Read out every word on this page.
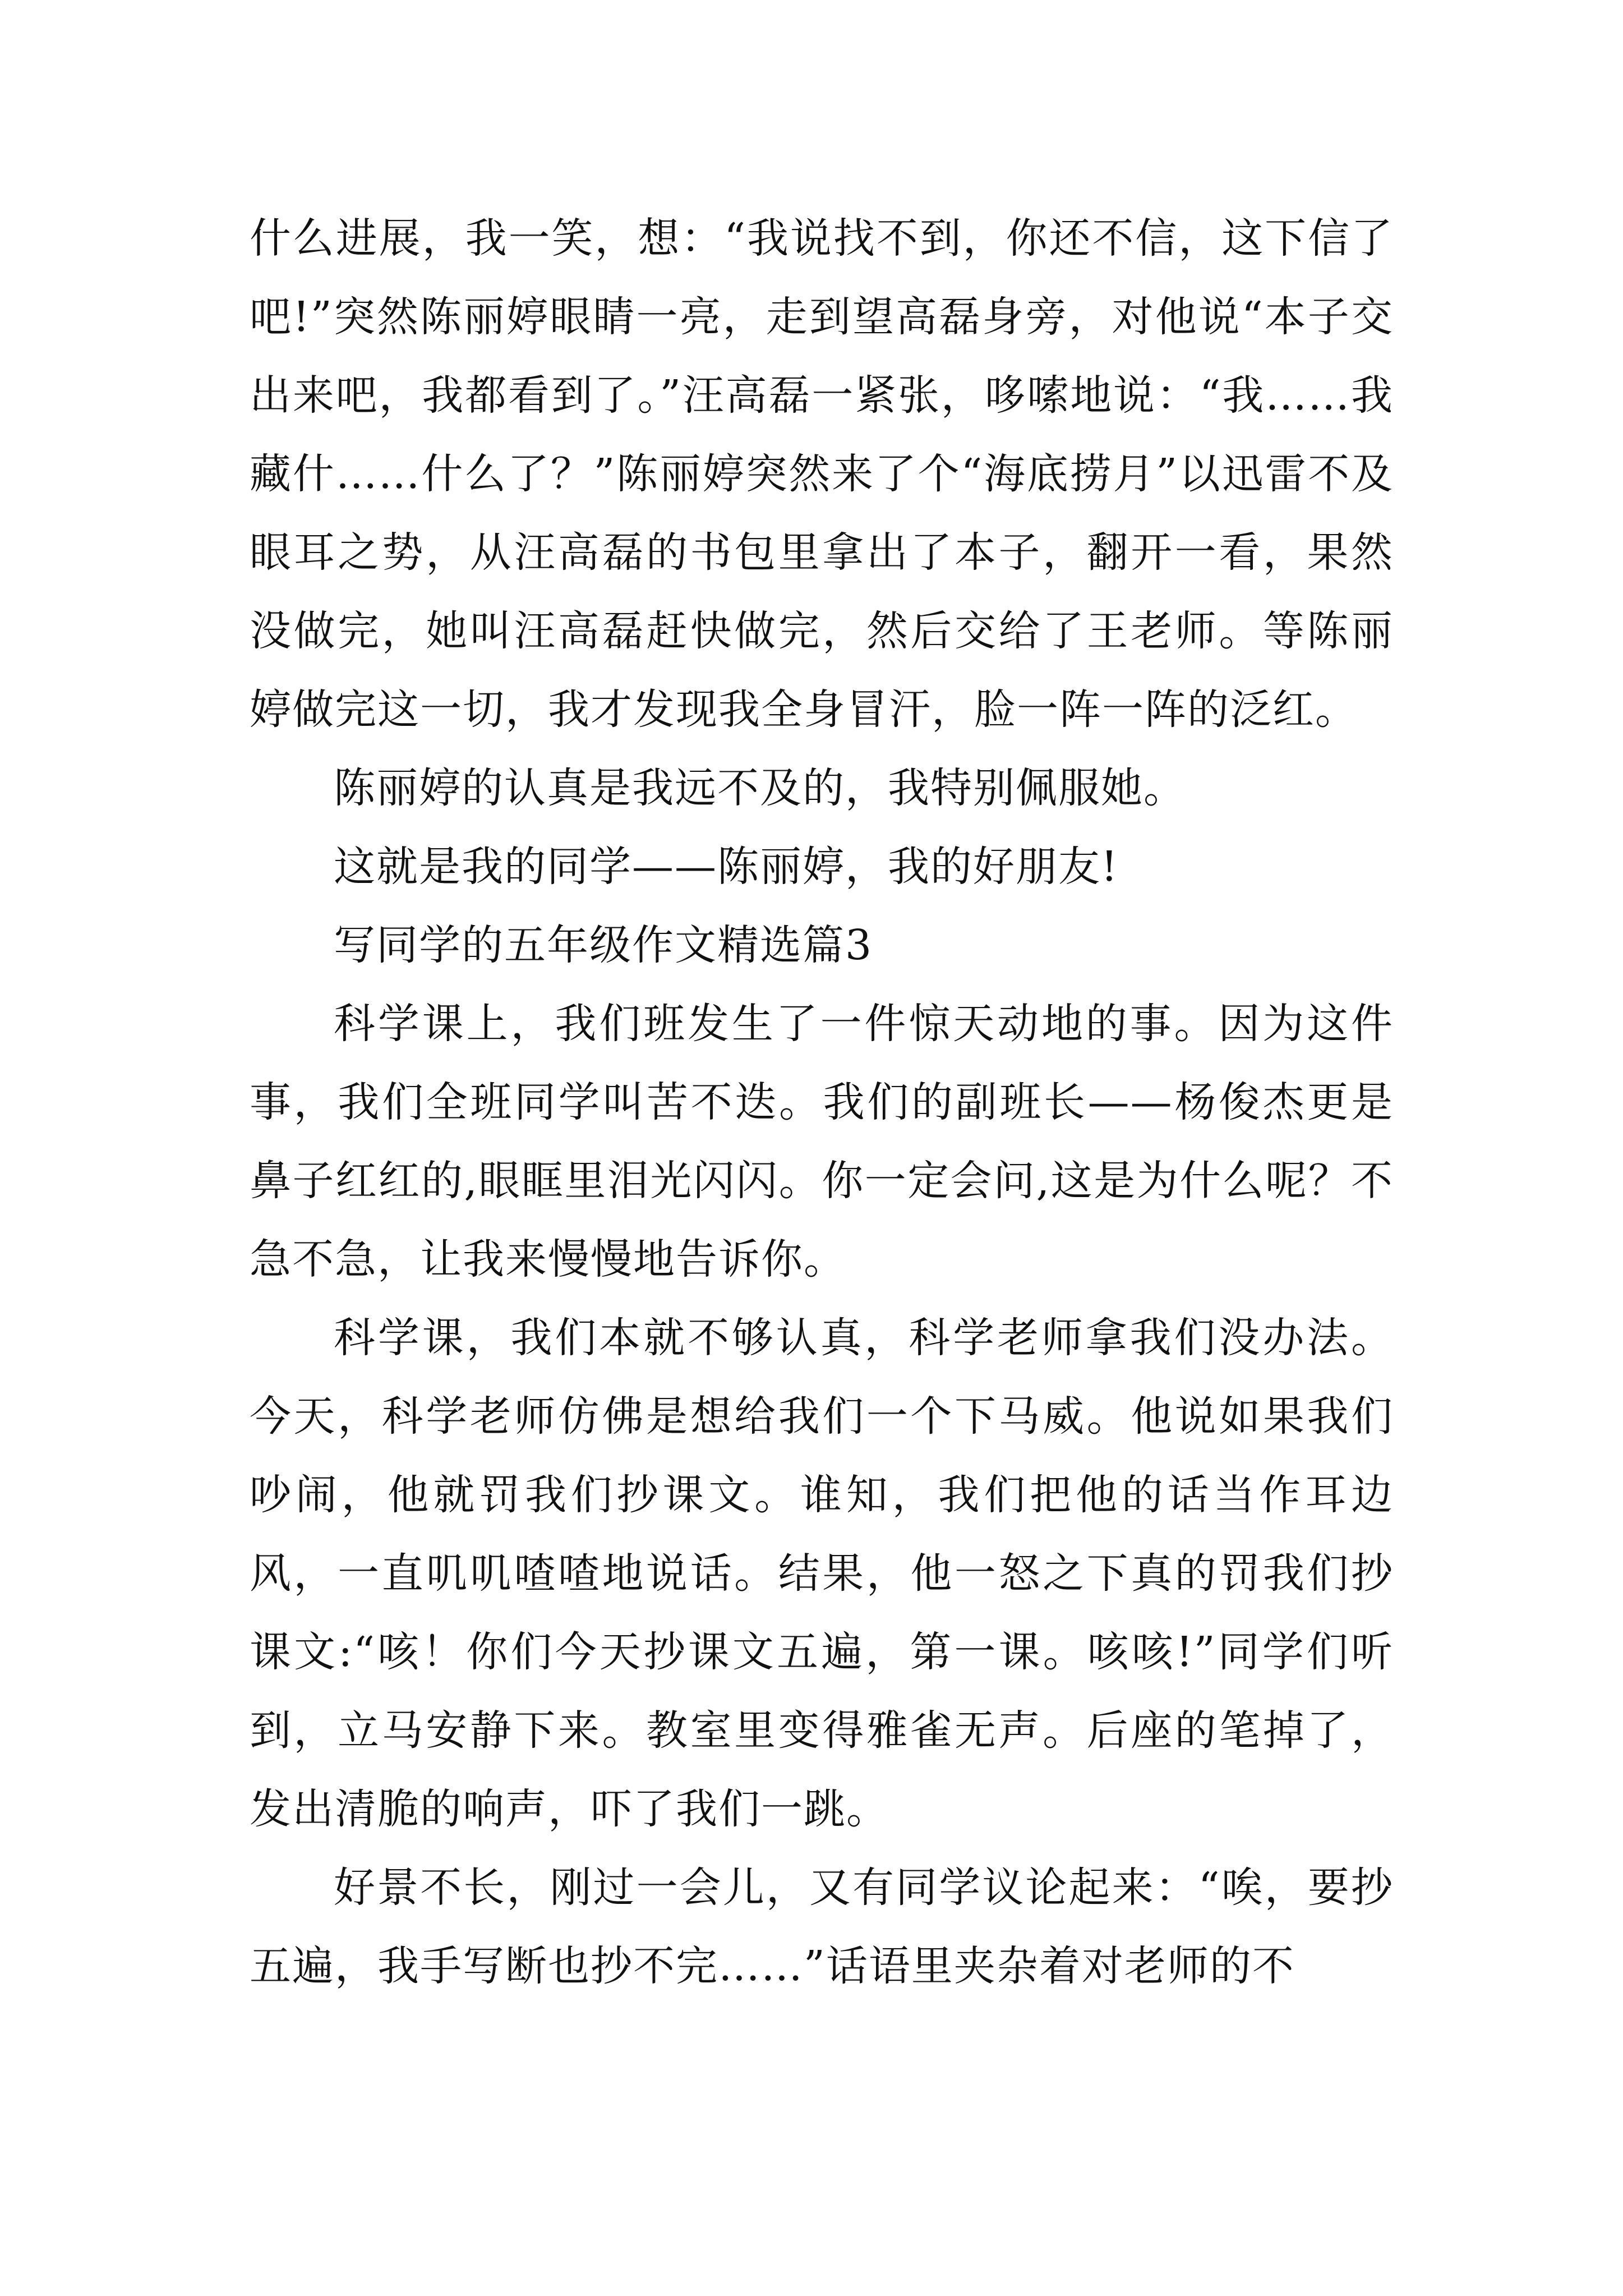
什么进展，我一笑，想：“我说找不到，你还不信，这下信了吧!”突然陈丽婷眼睛一亮，走到望高磊身旁，对他说“本子交出来吧，我都看到了。”汪高磊一紧张，哆嗦地说：“我……我藏什……什么了？”陈丽婷突然来了个“海底捞月”以迅雷不及眼耳之势，从汪高磊的书包里拿出了本子，翻开一看，果然没做完，她叫汪高磊赶快做完，然后交给了王老师。等陈丽婷做完这一切，我才发现我全身冒汗，脸一阵一阵的泛红。

陈丽婷的认真是我远不及的，我特别佩服她。

这就是我的同学——陈丽婷，我的好朋友!

写同学的五年级作文精选篇3

科学课上，我们班发生了一件惊天动地的事。因为这件事，我们全班同学叫苦不迭。我们的副班长——杨俊杰更是鼻子红红的,眼眶里泪光闪闪。你一定会问,这是为什么呢？不急不急，让我来慢慢地告诉你。

科学课，我们本就不够认真，科学老师拿我们没办法。今天，科学老师仿佛是想给我们一个下马威。他说如果我们吵闹，他就罚我们抄课文。谁知，我们把他的话当作耳边风，一直叽叽喳喳地说话。结果，他一怒之下真的罚我们抄课文:“咳！你们今天抄课文五遍，第一课。咳咳!”同学们听到，立马安静下来。教室里变得雅雀无声。后座的笔掉了，发出清脆的响声，吓了我们一跳。

好景不长，刚过一会儿，又有同学议论起来：“唉，要抄五遍，我手写断也抄不完……”话语里夹杂着对老师的不
